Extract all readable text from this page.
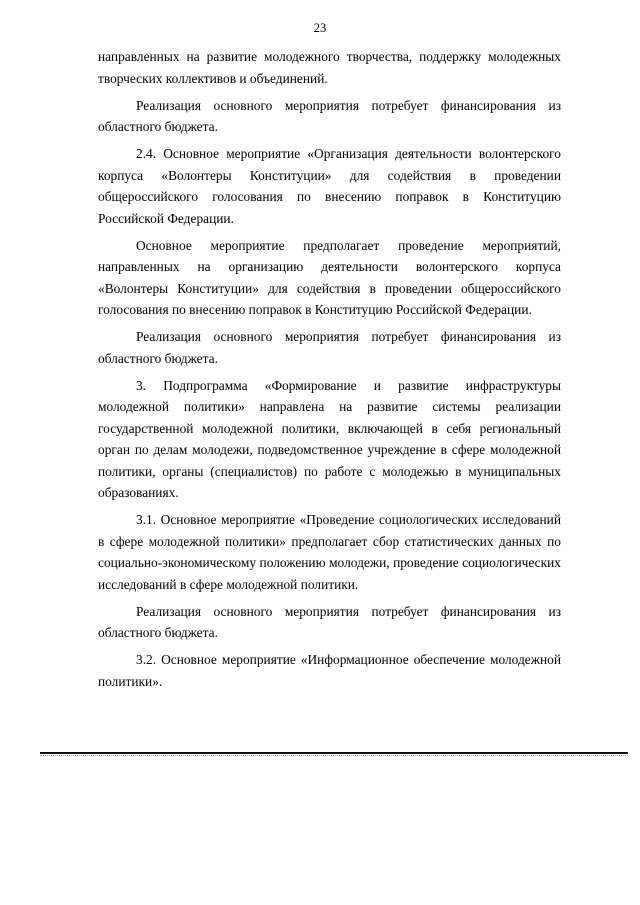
23

направленных на развитие молодежного творчества, поддержку молодежных творческих коллективов и объединений.

Реализация основного мероприятия потребует финансирования из областного бюджета.

2.4. Основное мероприятие «Организация деятельности волонтерского корпуса «Волонтеры Конституции» для содействия в проведении общероссийского голосования по внесению поправок в Конституцию Российской Федерации.

Основное мероприятие предполагает проведение мероприятий, направленных на организацию деятельности волонтерского корпуса «Волонтеры Конституции» для содействия в проведении общероссийского голосования по внесению поправок в Конституцию Российской Федерации.

Реализация основного мероприятия потребует финансирования из областного бюджета.

3. Подпрограмма «Формирование и развитие инфраструктуры молодежной политики» направлена на развитие системы реализации государственной молодежной политики, включающей в себя региональный орган по делам молодежи, подведомственное учреждение в сфере молодежной политики, органы (специалистов) по работе с молодежью в муниципальных образованиях.

3.1. Основное мероприятие «Проведение социологических исследований в сфере молодежной политики» предполагает сбор статистических данных по социально-экономическому положению молодежи, проведение социологических исследований в сфере молодежной политики.

Реализация основного мероприятия потребует финансирования из областного бюджета.

3.2. Основное мероприятие «Информационное обеспечение молодежной политики».
